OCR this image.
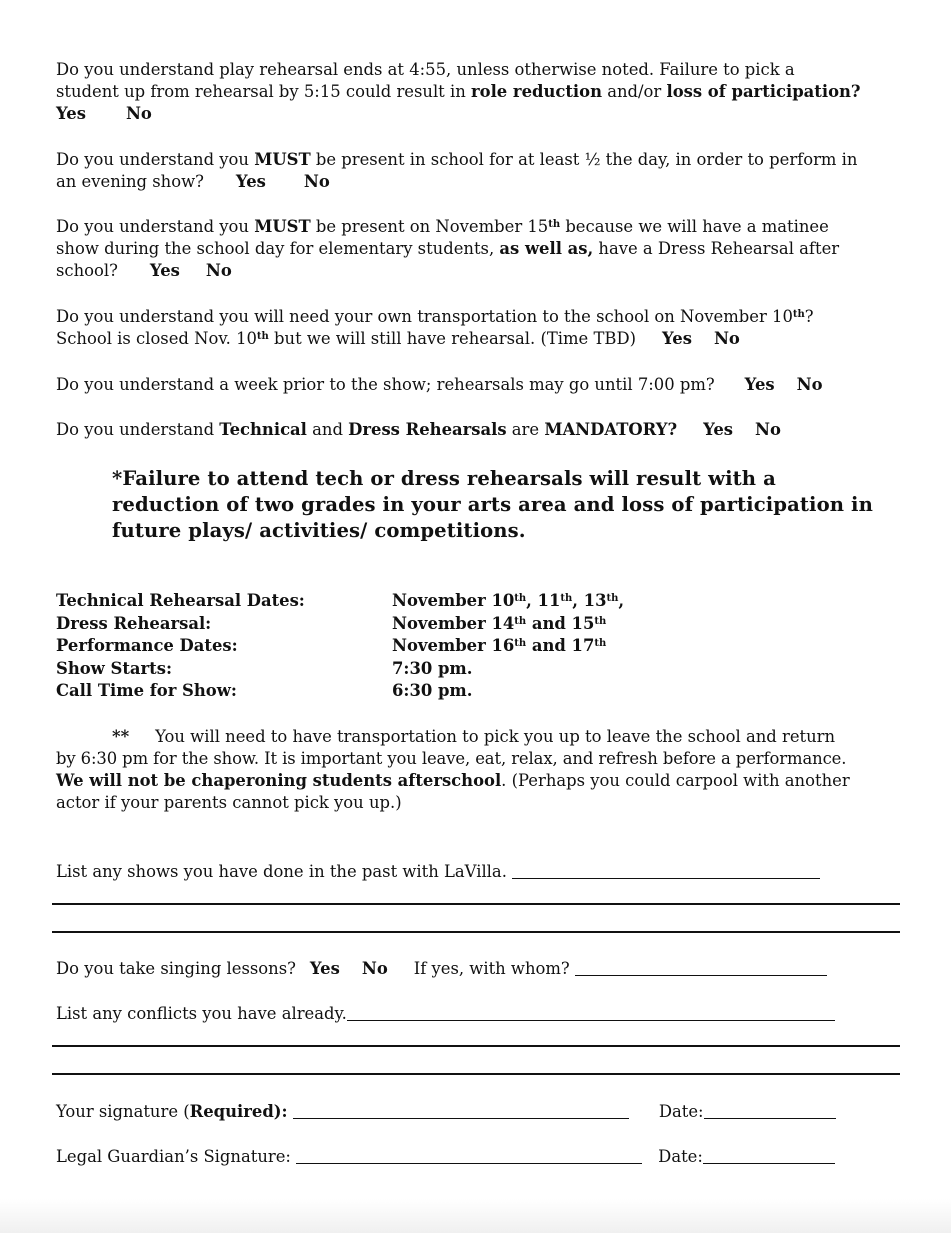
Do you understand play rehearsal ends at 4:55, unless otherwise noted. Failure to pick a
student up from rehearsal by 5:15 could result in role reduction and/or loss of participation?
Yes No
Do you understand you MUST be present in school for at least ½ the day, in order to perform in
an evening show? Yes No
Do you understand you MUST be present on November 15th because we will have a matinee
show during the school day for elementary students, as well as, have a Dress Rehearsal after
school? Yes No
Do you understand you will need your own transportation to the school on November 10th?
School is closed Nov. 10th but we will still have rehearsal. (Time TBD) Yes No
Do you understand a week prior to the show; rehearsals may go until 7:00 pm? Yes No
Do you understand Technical and Dress Rehearsals are MANDATORY? Yes No
*Failure to attend tech or dress rehearsals will result with a
reduction of two grades in your arts area and loss of participation in
future plays/ activities/ competitions.
Technical Rehearsal Dates:	November 10th, 11th, 13th,
Dress Rehearsal:	November 14th and 15th
Performance Dates:	November 16th and 17th
Show Starts:	7:30 pm.
Call Time for Show:	6:30 pm.
** You will need to have transportation to pick you up to leave the school and return
by 6:30 pm for the show. It is important you leave, eat, relax, and refresh before a performance.
We will not be chaperoning students afterschool. (Perhaps you could carpool with another
actor if your parents cannot pick you up.)
List any shows you have done in the past with LaVilla.
Do you take singing lessons? Yes No If yes, with whom?
List any conflicts you have already.
Your signature (Required):	Date:
Legal Guardian’s Signature:	Date:
